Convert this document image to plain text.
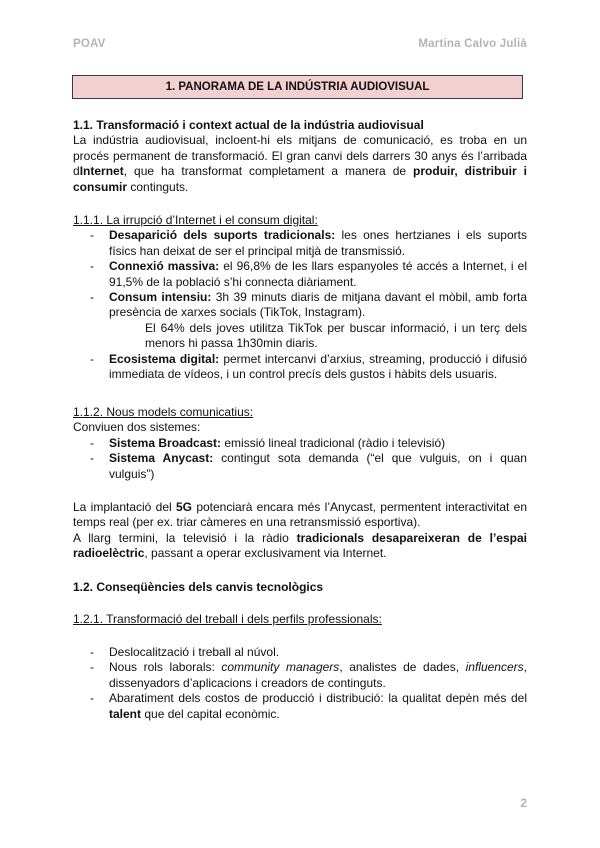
POAV	Martina Calvo Julià
1. PANORAMA DE LA INDÚSTRIA AUDIOVISUAL
1.1. Transformació i context actual de la indústria audiovisual
La indústria audiovisual, incloent-hi els mitjans de comunicació, es troba en un procés permanent de transformació. El gran canvi dels darrers 30 anys és l’arribada dInternet, que ha transformat completament a manera de produir, distribuir i consumir continguts.
1.1.1. La irrupció d’Internet i el consum digital:
- Desaparició dels suports tradicionals: les ones hertzianes i els suports físics han deixat de ser el principal mitjà de transmissió.
- Connexió massiva: el 96,8% de les llars espanyoles té accés a Internet, i el 91,5% de la població s’hi connecta diàriament.
- Consum intensiu: 3h 39 minuts diaris de mitjana davant el mòbil, amb forta presència de xarxes socials (TikTok, Instagram).
El 64% dels joves utilitza TikTok per buscar informació, i un terç dels menors hi passa 1h30min diaris.
- Ecosistema digital: permet intercanvi d’arxius, streaming, producció i difusió immediata de vídeos, i un control precís dels gustos i hàbits dels usuaris.
1.1.2. Nous models comunicatius:
Conviuen dos sistemes:
- Sistema Broadcast: emissió lineal tradicional (ràdio i televisió)
- Sistema Anycast: contingut sota demanda (“el que vulguis, on i quan vulguis”)
La implantació del 5G potenciarà encara més l’Anycast, permentent interactivitat en temps real (per ex. triar càmeres en una retransmissió esportiva).
A llarg termini, la televisió i la ràdio tradicionals desapareixeran de l’espai radioelèctric, passant a operar exclusivament via Internet.
1.2. Conseqüències dels canvis tecnològics
1.2.1. Transformació del treball i dels perfils professionals:
- Deslocalització i treball al núvol.
- Nous rols laborals: community managers, analistes de dades, influencers, dissenyadors d’aplicacions i creadors de continguts.
- Abaratiment dels costos de producció i distribució: la qualitat depèn més del talent que del capital econòmic.
2
